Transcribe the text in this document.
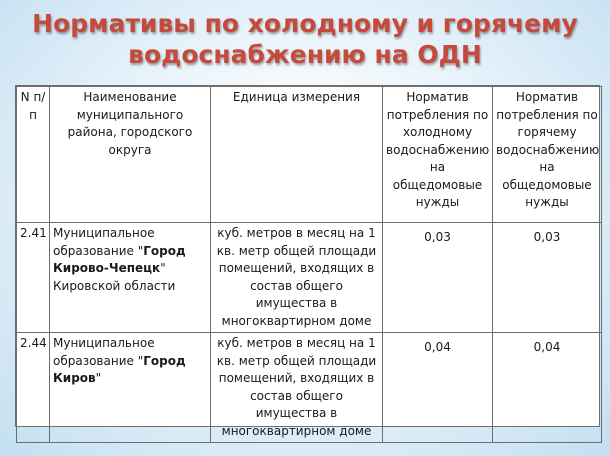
Нормативы по холодному и горячему
водоснабжению на ОДН
N п/п	Наименование муниципального района, городского округа	Единица измерения	Норматив потребления по холодному водоснабжению на общедомовые нужды	Норматив потребления по горячему водоснабжению на общедомовые нужды
2.41	Муниципальное образование "Город Кирово-Чепецк" Кировской области	куб. метров в месяц на 1 кв. метр общей площади помещений, входящих в состав общего имущества в многоквартирном доме	0,03	0,03
2.44	Муниципальное образование "Город Киров"	куб. метров в месяц на 1 кв. метр общей площади помещений, входящих в состав общего имущества в многоквартирном доме	0,04	0,04
